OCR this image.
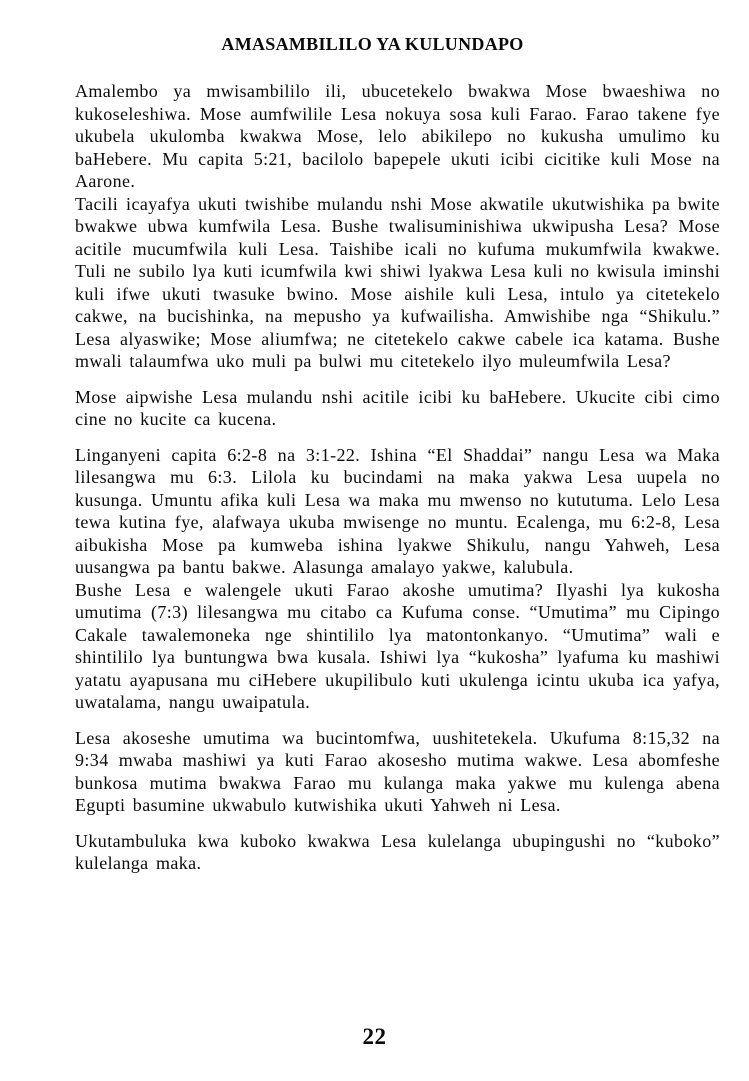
AMASAMBILILO YA KULUNDAPO

Amalembo ya mwisambililo ili, ubucetekelo bwakwa Mose bwaeshiwa no kukoseleshiwa. Mose aumfwilile Lesa nokuya sosa kuli Farao. Farao takene fye ukubela ukulomba kwakwa Mose, lelo abikilepo no kukusha umulimo ku baHebere. Mu capita 5:21, bacilolo bapepele ukuti icibi cicitike kuli Mose na Aarone.

Tacili icayafya ukuti twishibe mulandu nshi Mose akwatile ukutwishika pa bwite bwakwe ubwa kumfwila Lesa. Bushe twalisuminishiwa ukwipusha Lesa? Mose acitile mucumfwila kuli Lesa. Taishibe icali no kufuma mukumfwila kwakwe. Tuli ne subilo lya kuti icumfwila kwi shiwi lyakwa Lesa kuli no kwisula iminshi kuli ifwe ukuti twasuke bwino. Mose aishile kuli Lesa, intulo ya citetekelo cakwe, na bucishinka, na mepusho ya kufwailisha. Amwishibe nga “Shikulu.” Lesa alyaswike; Mose aliumfwa; ne citetekelo cakwe cabele ica katama. Bushe mwali talaumfwa uko muli pa bulwi mu citetekelo ilyo muleumfwila Lesa?

Mose aipwishe Lesa mulandu nshi acitile icibi ku baHebere. Ukucite cibi cimo cine no kucite ca kucena.

Linganyeni capita 6:2-8 na 3:1-22. Ishina “El Shaddai” nangu Lesa wa Maka lilesangwa mu 6:3. Lilola ku bucindami na maka yakwa Lesa uupela no kusunga. Umuntu afika kuli Lesa wa maka mu mwenso no kututuma. Lelo Lesa tewa kutina fye, alafwaya ukuba mwisenge no muntu. Ecalenga, mu 6:2-8, Lesa aibukisha Mose pa kumweba ishina lyakwe Shikulu, nangu Yahweh, Lesa uusangwa pa bantu bakwe. Alasunga amalayo yakwe, kalubula.

Bushe Lesa e walengele ukuti Farao akoshe umutima? Ilyashi lya kukosha umutima (7:3) lilesangwa mu citabo ca Kufuma conse. “Umutima” mu Cipingo Cakale tawalemoneka nge shintililo lya matontonkanyo. “Umutima” wali e shintililo lya buntungwa bwa kusala. Ishiwi lya “kukosha” lyafuma ku mashiwi yatatu ayapusana mu ciHebere ukupilibulo kuti ukulenga icintu ukuba ica yafya, uwatalama, nangu uwaipatula.

Lesa akoseshe umutima wa bucintomfwa, uushitetekela. Ukufuma 8:15,32 na 9:34 mwaba mashiwi ya kuti Farao akosesho mutima wakwe. Lesa abomfeshe bunkosa mutima bwakwa Farao mu kulanga maka yakwe mu kulenga abena Egupti basumine ukwabulo kutwishika ukuti Yahweh ni Lesa.

Ukutambuluka kwa kuboko kwakwa Lesa kulelanga ubupingushi no “kuboko” kulelanga maka.

22
